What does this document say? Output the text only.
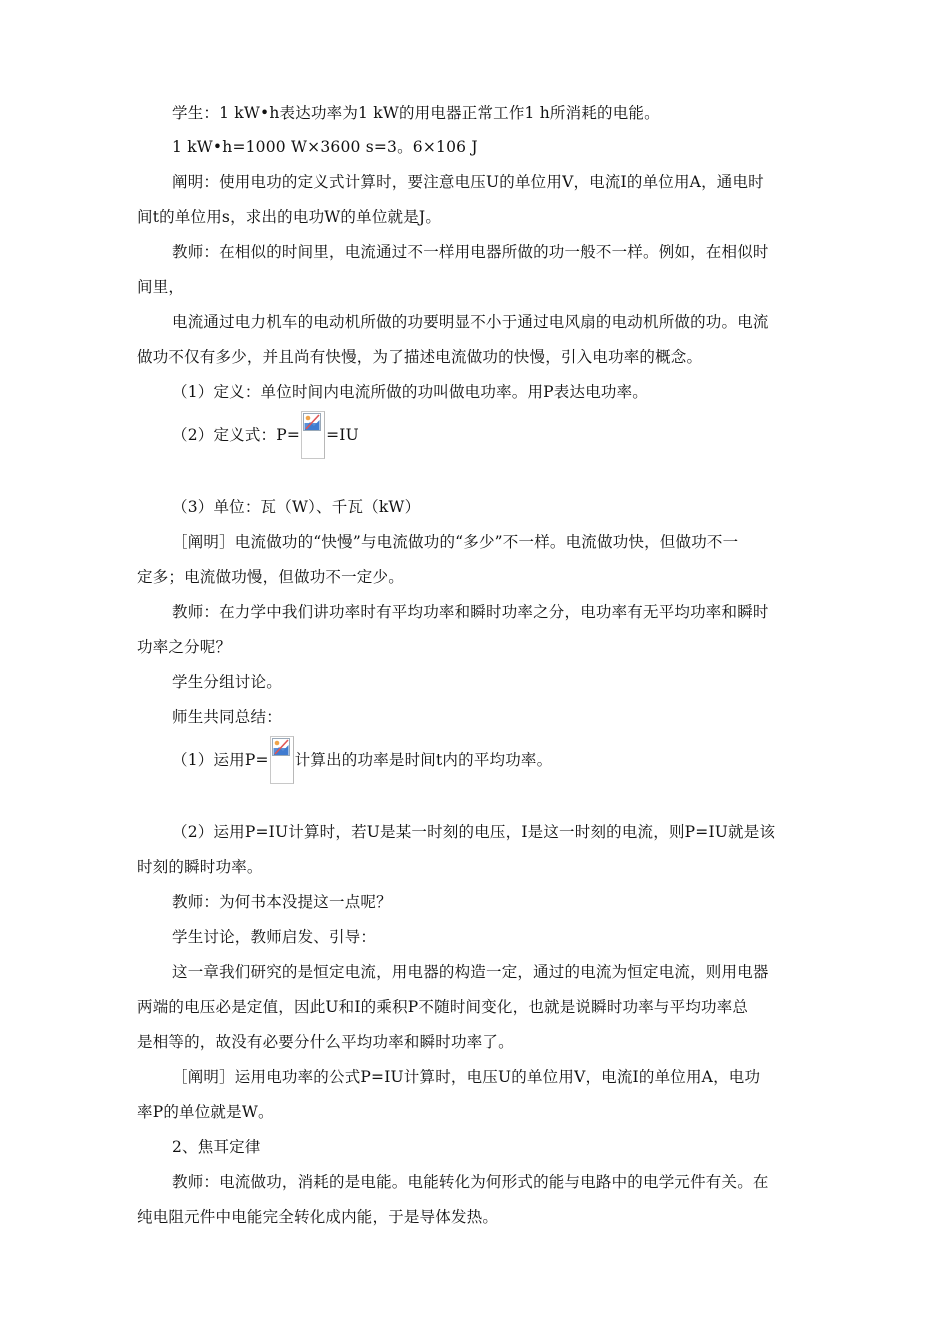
学生：1 kW•h表达功率为1 kW的用电器正常工作1 h所消耗的电能。
1 kW•h=1000 W×3600 s=3。6×106 J
阐明：使用电功的定义式计算时，要注意电压U的单位用V，电流I的单位用A，通电时
间t的单位用s，求出的电功W的单位就是J。
教师：在相似的时间里，电流通过不一样用电器所做的功一般不一样。例如，在相似时
间里，
电流通过电力机车的电动机所做的功要明显不小于通过电风扇的电动机所做的功。电流
做功不仅有多少，并且尚有快慢，为了描述电流做功的快慢，引入电功率的概念。
（1）定义：单位时间内电流所做的功叫做电功率。用P表达电功率。
（2）定义式：P= =IU
（3）单位：瓦（W）、千瓦（kW）
［阐明］电流做功的“快慢”与电流做功的“多少”不一样。电流做功快，但做功不一
定多；电流做功慢，但做功不一定少。
教师：在力学中我们讲功率时有平均功率和瞬时功率之分，电功率有无平均功率和瞬时
功率之分呢？
学生分组讨论。
师生共同总结：
（1）运用P= 计算出的功率是时间t内的平均功率。
（2）运用P=IU计算时，若U是某一时刻的电压，I是这一时刻的电流，则P=IU就是该
时刻的瞬时功率。
教师：为何书本没提这一点呢？
学生讨论，教师启发、引导：
这一章我们研究的是恒定电流，用电器的构造一定，通过的电流为恒定电流，则用电器
两端的电压必是定值，因此U和I的乘积P不随时间变化，也就是说瞬时功率与平均功率总
是相等的，故没有必要分什么平均功率和瞬时功率了。
［阐明］运用电功率的公式P=IU计算时，电压U的单位用V，电流I的单位用A，电功
率P的单位就是W。
2、焦耳定律
教师：电流做功，消耗的是电能。电能转化为何形式的能与电路中的电学元件有关。在
纯电阻元件中电能完全转化成内能，于是导体发热。
